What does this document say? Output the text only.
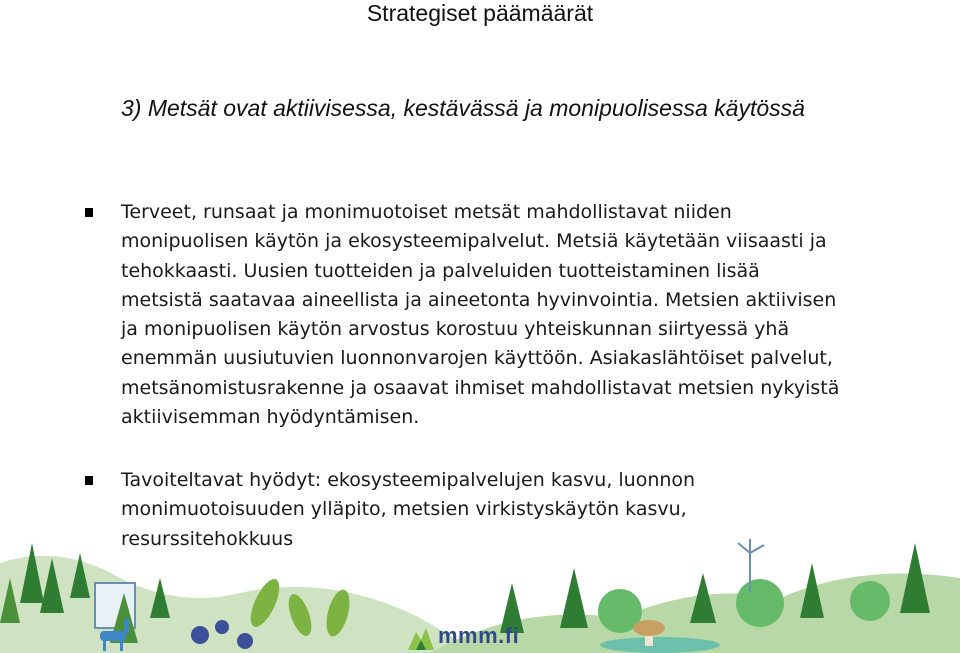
Strategiset päämäärät
3) Metsät ovat aktiivisessa, kestävässä ja monipuolisessa käytössä
Terveet, runsaat ja monimuotoiset metsät mahdollistavat niiden monipuolisen käytön ja ekosysteemipalvelut. Metsiä käytetään viisaasti ja tehokkaasti. Uusien tuotteiden ja palveluiden tuotteistaminen lisää metsistä saatavaa aineellista ja aineetonta hyvinvointia. Metsien aktiivisen ja monipuolisen käytön arvostus korostuu yhteiskunnan siirtyessä yhä enemmän uusiutuvien luonnonvarojen käyttöön. Asiakaslähtöiset palvelut, metsänomistusrakenne ja osaavat ihmiset mahdollistavat metsien nykyistä aktiivisemman hyödyntämisen.
Tavoiteltavat hyödyt: ekosysteemipalvelujen kasvu, luonnon monimuotoisuuden ylläpito, metsien virkistyskäytön kasvu, resurssitehokkuus
mmm.fi
